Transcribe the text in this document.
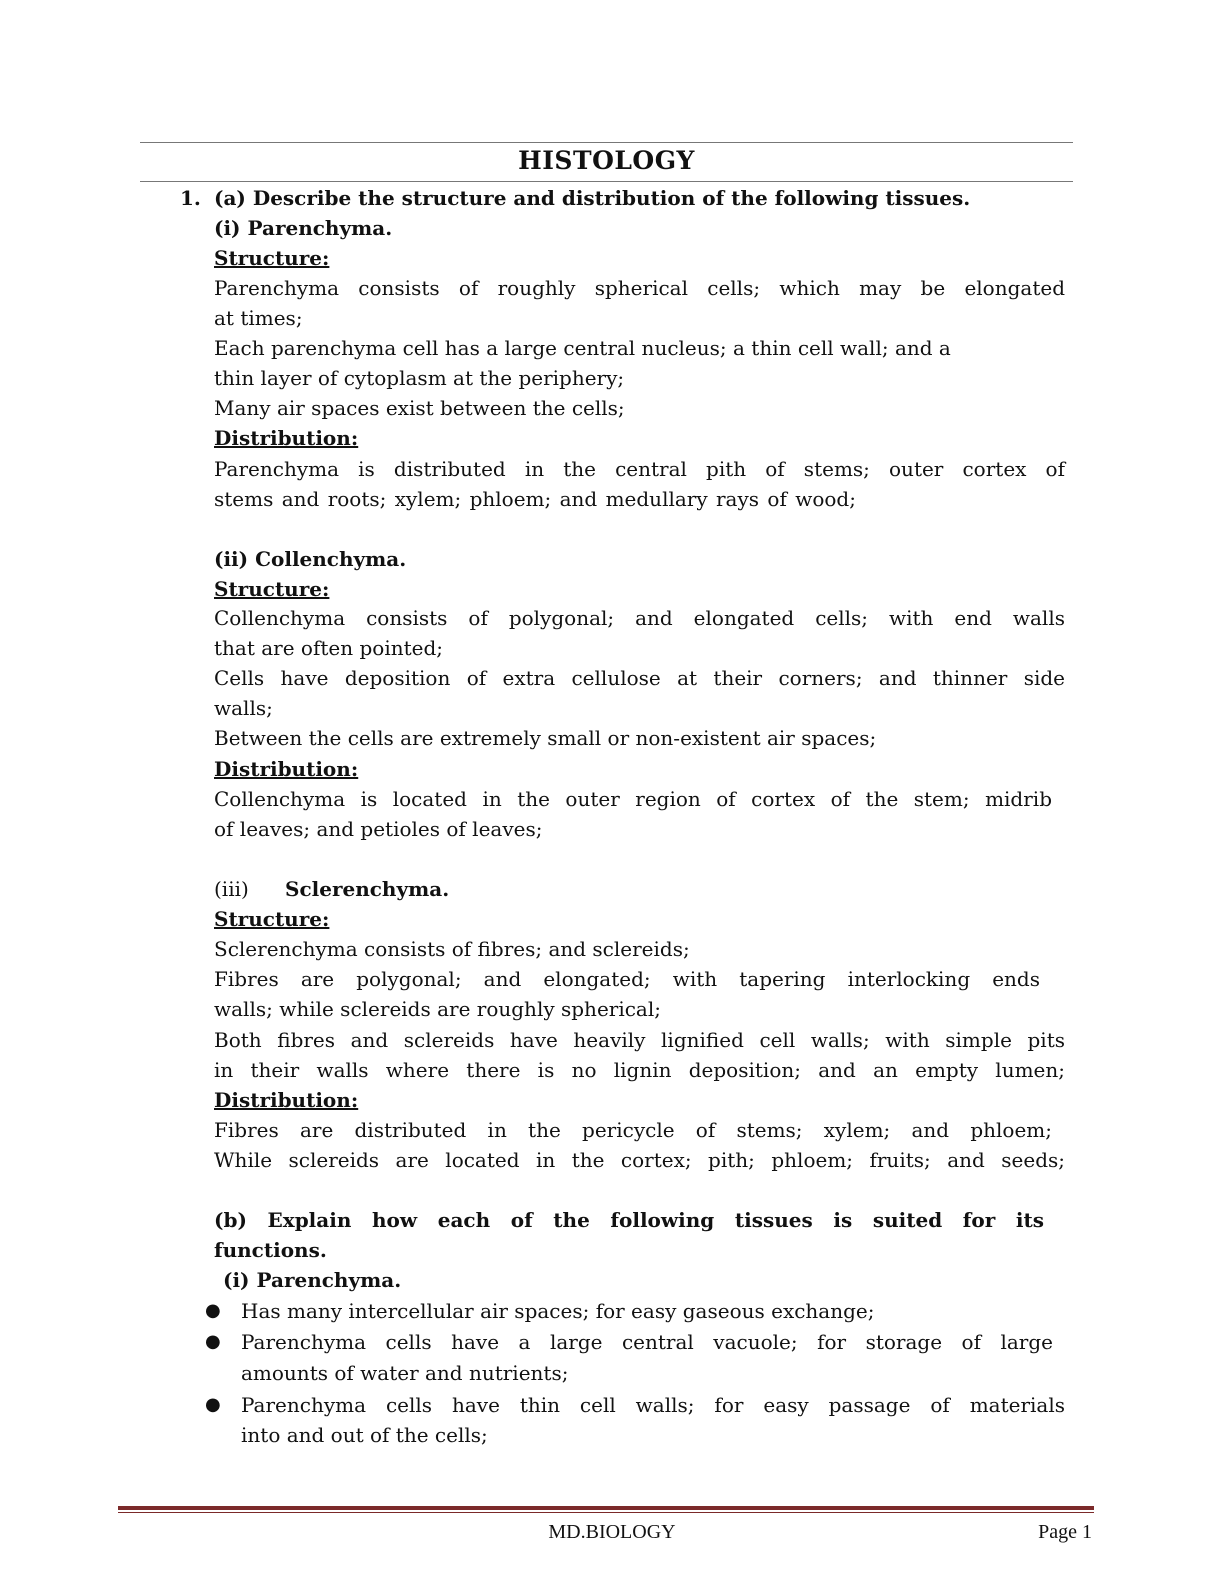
HISTOLOGY
1. (a) Describe the structure and distribution of the following tissues.
(i) Parenchyma.
Structure:
Parenchyma consists of roughly spherical cells; which may be elongated
at times;
Each parenchyma cell has a large central nucleus; a thin cell wall; and a
thin layer of cytoplasm at the periphery;
Many air spaces exist between the cells;
Distribution:
Parenchyma is distributed in the central pith of stems; outer cortex of
stems and roots; xylem; phloem; and medullary rays of wood;
(ii) Collenchyma.
Structure:
Collenchyma consists of polygonal; and elongated cells; with end walls
that are often pointed;
Cells have deposition of extra cellulose at their corners; and thinner side
walls;
Between the cells are extremely small or non-existent air spaces;
Distribution:
Collenchyma is located in the outer region of cortex of the stem; midrib
of leaves; and petioles of leaves;
(iii)	Sclerenchyma.
Structure:
Sclerenchyma consists of fibres; and sclereids;
Fibres are polygonal; and elongated; with tapering interlocking ends
walls; while sclereids are roughly spherical;
Both fibres and sclereids have heavily lignified cell walls; with simple pits
in their walls where there is no lignin deposition; and an empty lumen;
Distribution:
Fibres are distributed in the pericycle of stems; xylem; and phloem;
While sclereids are located in the cortex; pith; phloem; fruits; and seeds;
(b) Explain how each of the following tissues is suited for its
functions.
(i) Parenchyma.
● Has many intercellular air spaces; for easy gaseous exchange;
● Parenchyma cells have a large central vacuole; for storage of large
amounts of water and nutrients;
● Parenchyma cells have thin cell walls; for easy passage of materials
into and out of the cells;
MD.BIOLOGY	Page 1
